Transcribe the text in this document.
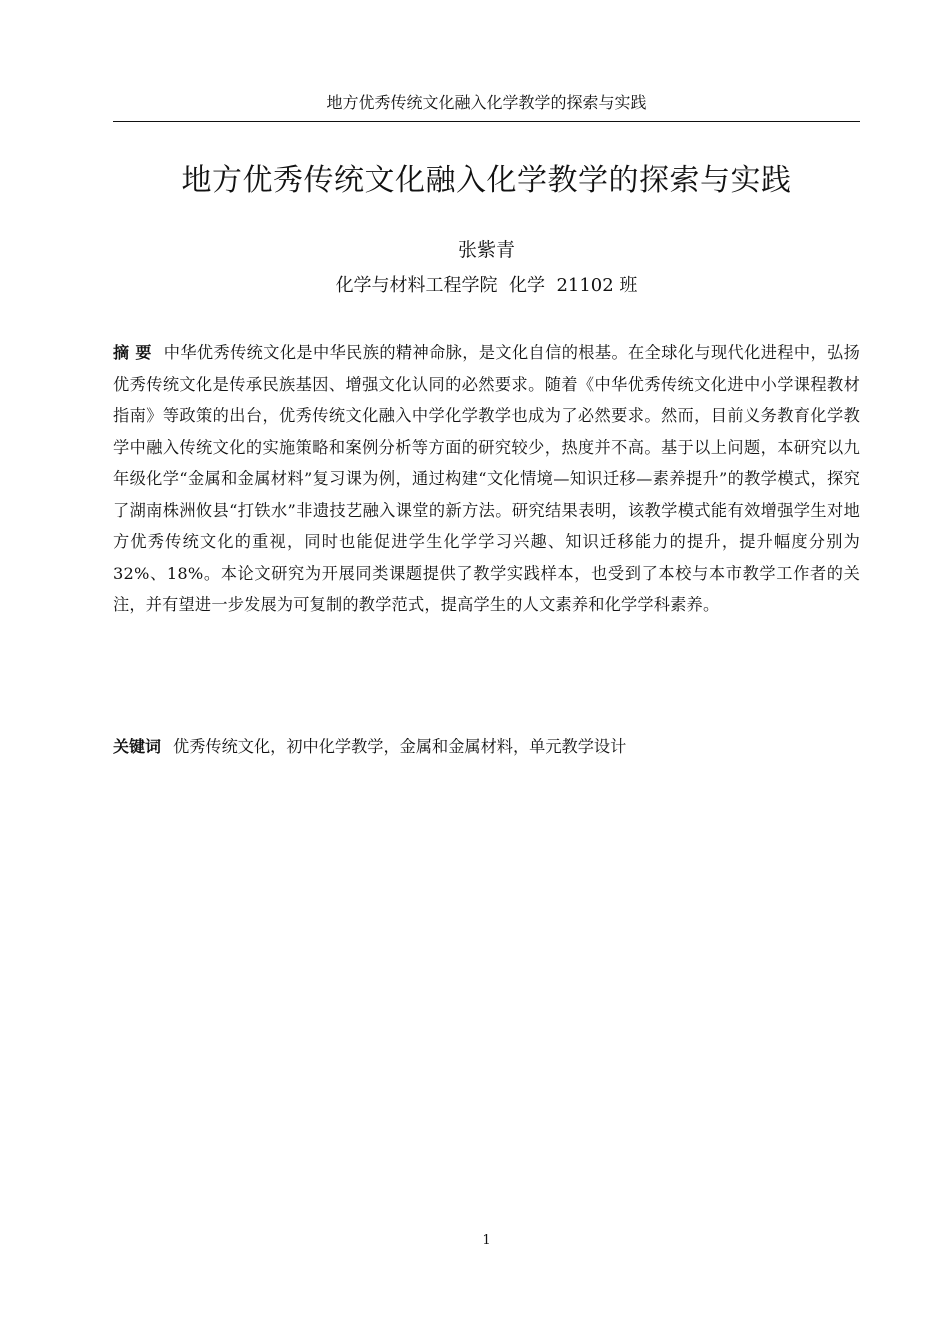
地方优秀传统文化融入化学教学的探索与实践
地方优秀传统文化融入化学教学的探索与实践
张紫青
化学与材料工程学院  化学  21102 班
摘 要 中华优秀传统文化是中华民族的精神命脉，是文化自信的根基。在全球化与现代化进程中，弘扬优秀传统文化是传承民族基因、增强文化认同的必然要求。随着《中华优秀传统文化进中小学课程教材指南》等政策的出台，优秀传统文化融入中学化学教学也成为了必然要求。然而，目前义务教育化学教学中融入传统文化的实施策略和案例分析等方面的研究较少，热度并不高。基于以上问题，本研究以九年级化学“金属和金属材料”复习课为例，通过构建“文化情境—知识迁移—素养提升”的教学模式，探究了湖南株洲攸县“打铁水”非遗技艺融入课堂的新方法。研究结果表明，该教学模式能有效增强学生对地方优秀传统文化的重视，同时也能促进学生化学学习兴趣、知识迁移能力的提升，提升幅度分别为32%、18%。本论文研究为开展同类课题提供了教学实践样本，也受到了本校与本市教学工作者的关注，并有望进一步发展为可复制的教学范式，提高学生的人文素养和化学学科素养。
关键词 优秀传统文化，初中化学教学，金属和金属材料，单元教学设计
1
